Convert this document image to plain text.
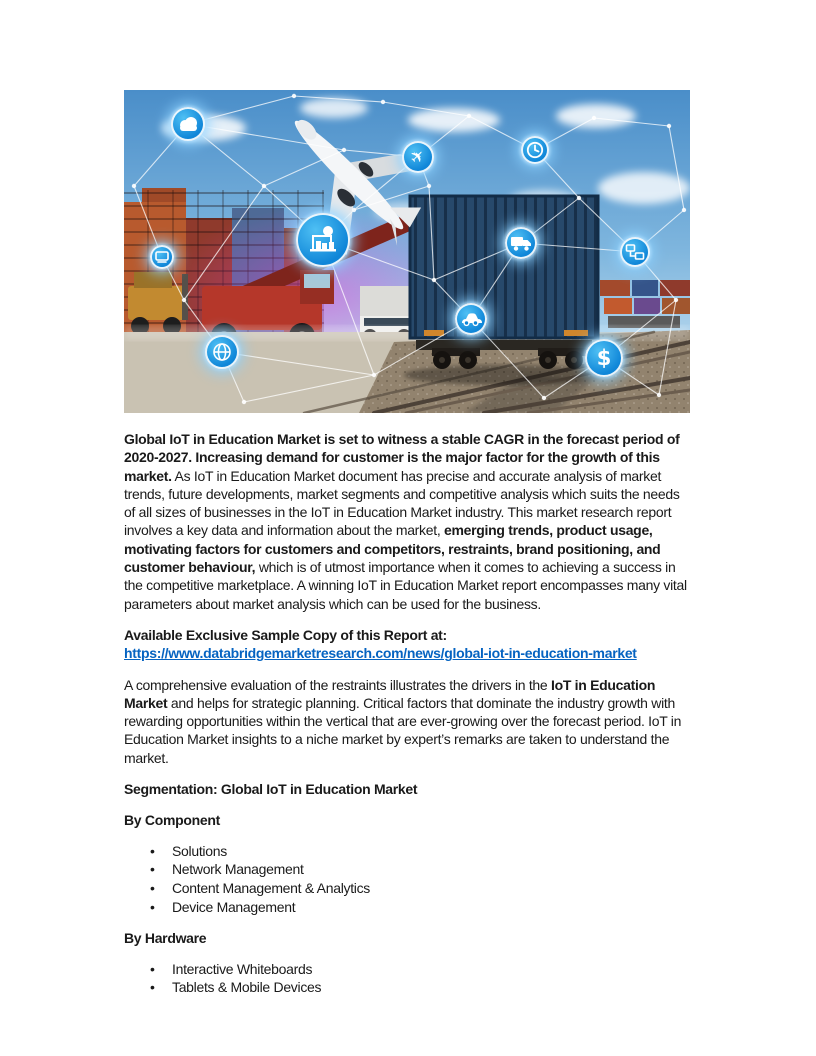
✈
$

Global IoT in Education Market is set to witness a stable CAGR in the forecast period of 2020-2027. Increasing demand for customer is the major factor for the growth of this market. As IoT in Education Market document has precise and accurate analysis of market trends, future developments, market segments and competitive analysis which suits the needs of all sizes of businesses in the IoT in Education Market industry. This market research report involves a key data and information about the market, emerging trends, product usage, motivating factors for customers and competitors, restraints, brand positioning, and customer behaviour, which is of utmost importance when it comes to achieving a success in the competitive marketplace. A winning IoT in Education Market report encompasses many vital parameters about market analysis which can be used for the business.

Available Exclusive Sample Copy of this Report at:
https://www.databridgemarketresearch.com/news/global-iot-in-education-market

A comprehensive evaluation of the restraints illustrates the drivers in the IoT in Education Market and helps for strategic planning. Critical factors that dominate the industry growth with rewarding opportunities within the vertical that are ever-growing over the forecast period. IoT in Education Market insights to a niche market by expert’s remarks are taken to understand the market.

Segmentation: Global IoT in Education Market

By Component

•	Solutions
•	Network Management
•	Content Management & Analytics
•	Device Management

By Hardware

•	Interactive Whiteboards
•	Tablets & Mobile Devices
